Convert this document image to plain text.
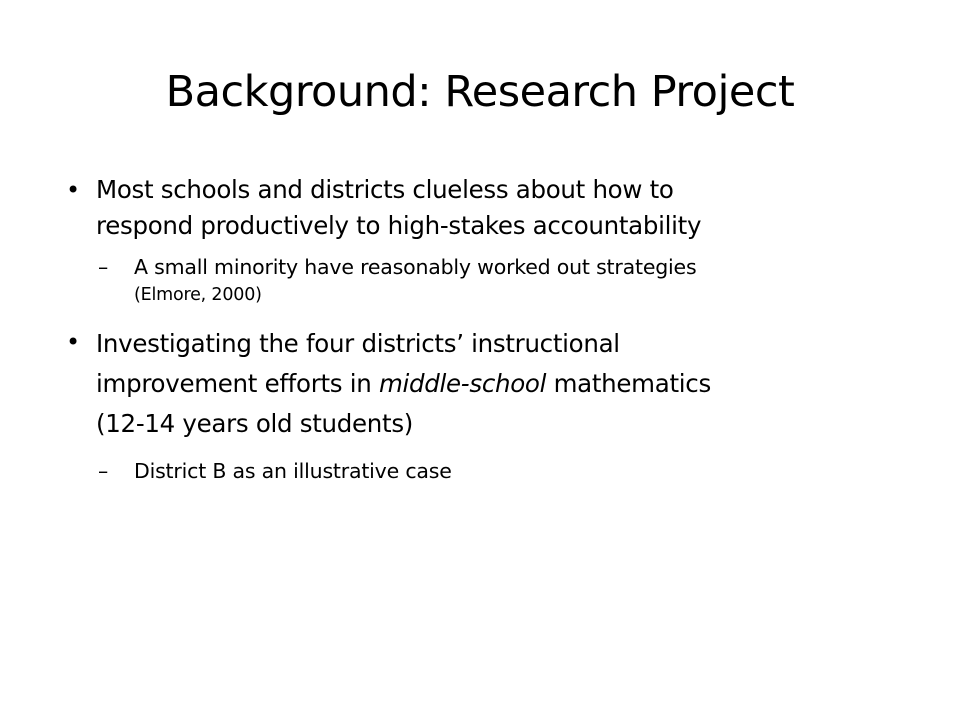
Background: Research Project
• Most schools and districts clueless about how to
respond productively to high-stakes accountability
– A small minority have reasonably worked out strategies
(Elmore, 2000)
• Investigating the four districts’ instructional
improvement efforts in middle-school mathematics
(12-14 years old students)
– District B as an illustrative case
